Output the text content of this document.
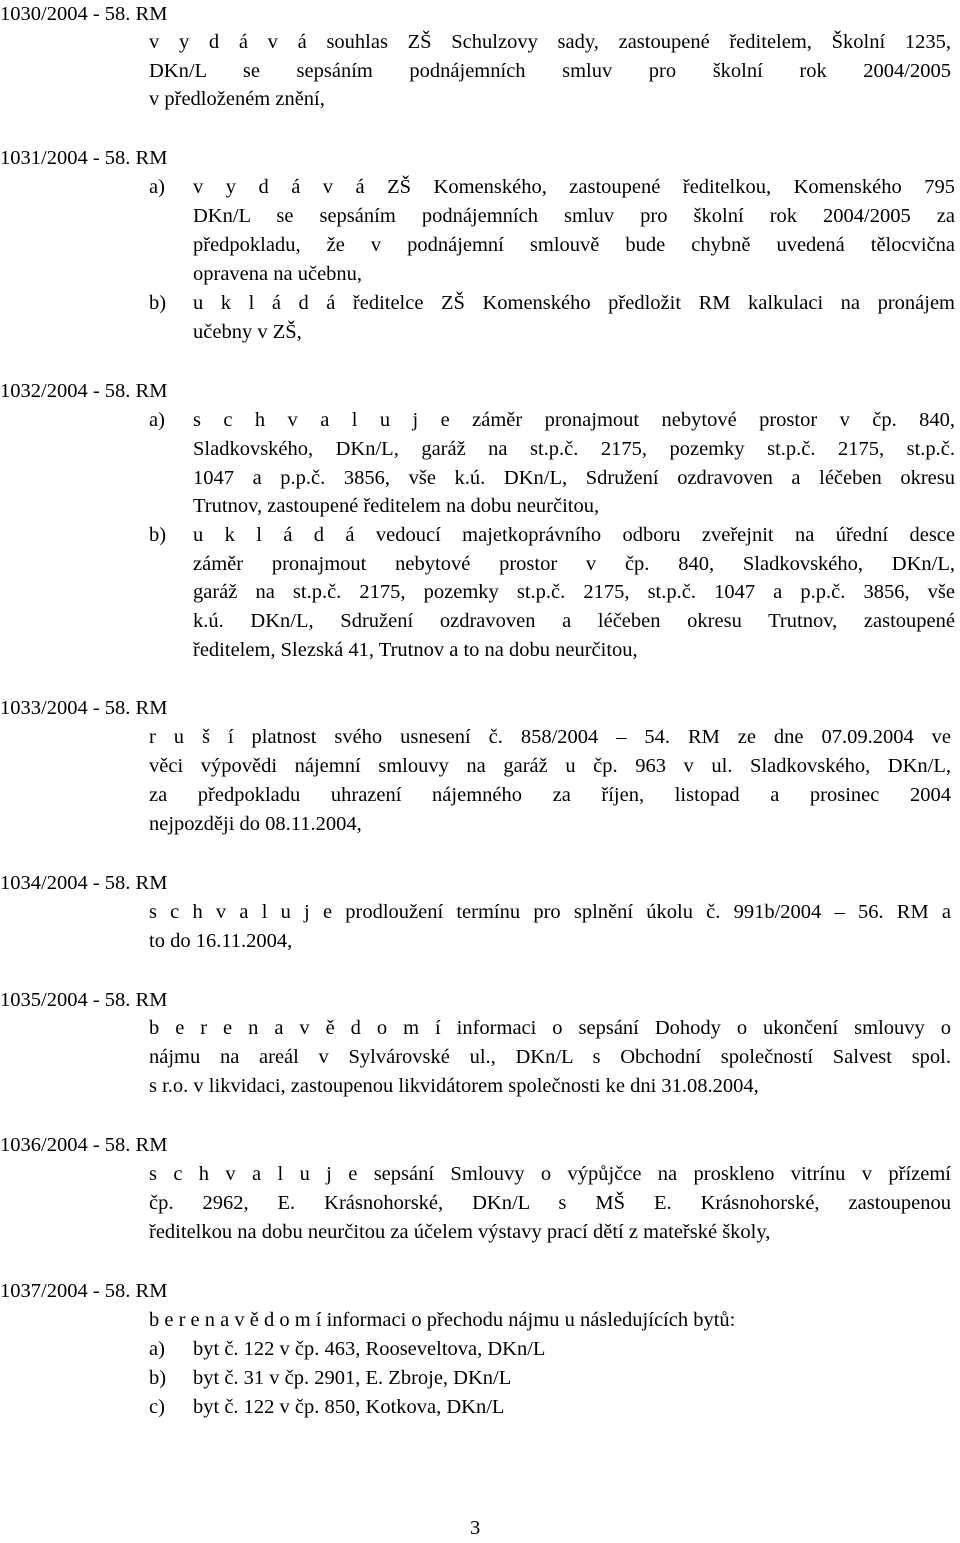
1030/2004 - 58. RM
v y d á v á souhlas ZŠ Schulzovy sady, zastoupené ředitelem, Školní 1235,
DKn/L se sepsáním podnájemních smluv pro školní rok 2004/2005
v předloženém znění,
1031/2004 - 58. RM
a) v y d á v á ZŠ Komenského, zastoupené ředitelkou, Komenského 795
DKn/L se sepsáním podnájemních smluv pro školní rok 2004/2005 za
předpokladu, že v podnájemní smlouvě bude chybně uvedená tělocvična
opravena na učebnu,
b) u k l á d á ředitelce ZŠ Komenského předložit RM kalkulaci na pronájem
učebny v ZŠ,
1032/2004 - 58. RM
a) s c h v a l u j e záměr pronajmout nebytové prostor v čp. 840,
Sladkovského, DKn/L, garáž na st.p.č. 2175, pozemky st.p.č. 2175, st.p.č.
1047 a p.p.č. 3856, vše k.ú. DKn/L, Sdružení ozdravoven a léčeben okresu
Trutnov, zastoupené ředitelem na dobu neurčitou,
b) u k l á d á vedoucí majetkoprávního odboru zveřejnit na úřední desce
záměr pronajmout nebytové prostor v čp. 840, Sladkovského, DKn/L,
garáž na st.p.č. 2175, pozemky st.p.č. 2175, st.p.č. 1047 a p.p.č. 3856, vše
k.ú. DKn/L, Sdružení ozdravoven a léčeben okresu Trutnov, zastoupené
ředitelem, Slezská 41, Trutnov a to na dobu neurčitou,
1033/2004 - 58. RM
r u š í platnost svého usnesení č. 858/2004 – 54. RM ze dne 07.09.2004 ve
věci výpovědi nájemní smlouvy na garáž u čp. 963 v ul. Sladkovského, DKn/L,
za předpokladu uhrazení nájemného za říjen, listopad a prosinec 2004
nejpozději do 08.11.2004,
1034/2004 - 58. RM
s c h v a l u j e prodloužení termínu pro splnění úkolu č. 991b/2004 – 56. RM a
to do 16.11.2004,
1035/2004 - 58. RM
b e r e n a v ě d o m í informaci o sepsání Dohody o ukončení smlouvy o
nájmu na areál v Sylvárovské ul., DKn/L s Obchodní společností Salvest spol.
s r.o. v likvidaci, zastoupenou likvidátorem společnosti ke dni 31.08.2004,
1036/2004 - 58. RM
s c h v a l u j e sepsání Smlouvy o výpůjčce na proskleno vitrínu v přízemí
čp. 2962, E. Krásnohorské, DKn/L s MŠ E. Krásnohorské, zastoupenou
ředitelkou na dobu neurčitou za účelem výstavy prací dětí z mateřské školy,
1037/2004 - 58. RM
b e r e n a v ě d o m í informaci o přechodu nájmu u následujících bytů:
a) byt č. 122 v čp. 463, Rooseveltova, DKn/L
b) byt č. 31 v čp. 2901, E. Zbroje, DKn/L
c) byt č. 122 v čp. 850, Kotkova, DKn/L
3
